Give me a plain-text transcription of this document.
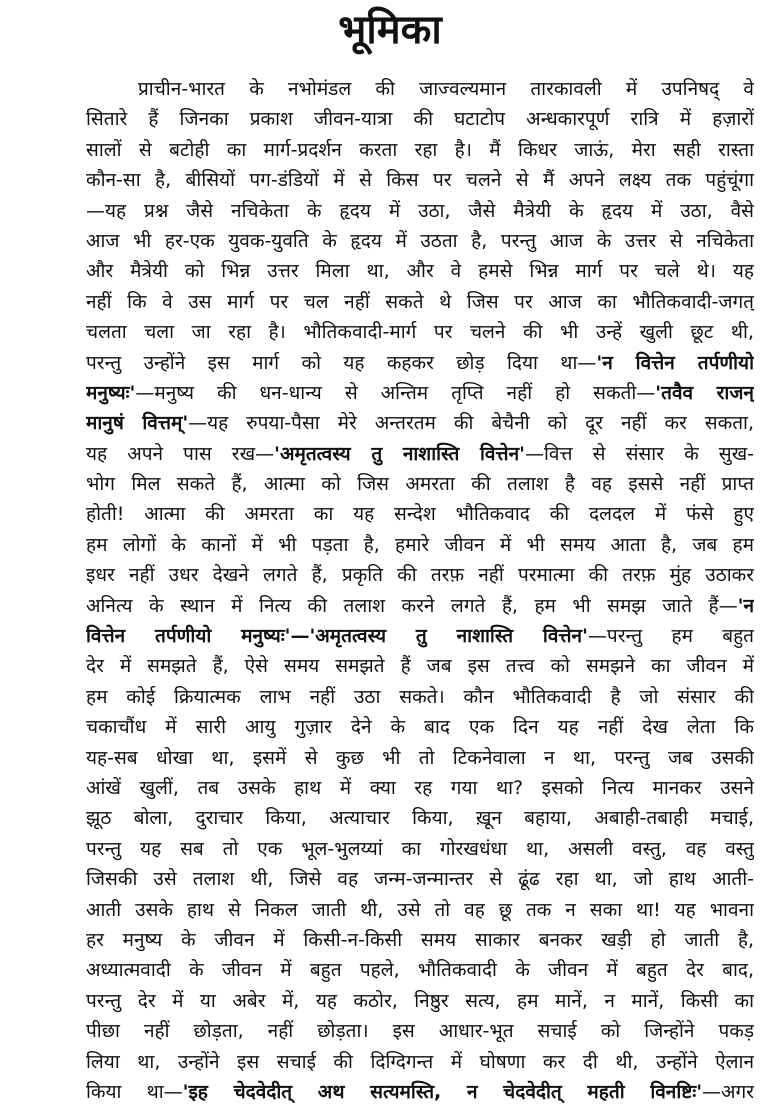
भूमिका
प्राचीन-भारत के नभोमंडल की जाज्वल्यमान तारकावली में उपनिषद् वे
सितारे हैं जिनका प्रकाश जीवन-यात्रा की घटाटोप अन्धकारपूर्ण रात्रि में हज़ारों
सालों से बटोही का मार्ग-प्रदर्शन करता रहा है। मैं किधर जाऊं, मेरा सही रास्ता
कौन-सा है, बीसियों पग-डंडियों में से किस पर चलने से मैं अपने लक्ष्य तक पहुंचूंगा
—यह प्रश्न जैसे नचिकेता के हृदय में उठा, जैसे मैत्रेयी के हृदय में उठा, वैसे
आज भी हर-एक युवक-युवति के हृदय में उठता है, परन्तु आज के उत्तर से नचिकेता
और मैत्रेयी को भिन्न उत्तर मिला था, और वे हमसे भिन्न मार्ग पर चले थे। यह
नहीं कि वे उस मार्ग पर चल नहीं सकते थे जिस पर आज का भौतिकवादी-जगत्
चलता चला जा रहा है। भौतिकवादी-मार्ग पर चलने की भी उन्हें खुली छूट थी,
परन्तु उन्होंने इस मार्ग को यह कहकर छोड़ दिया था—'न वित्तेन तर्पणीयो
मनुष्यः'—मनुष्य की धन-धान्य से अन्तिम तृप्ति नहीं हो सकती—'तवैव राजन्
मानुषं वित्तम्'—यह रुपया-पैसा मेरे अन्तरतम की बेचैनी को दूर नहीं कर सकता,
यह अपने पास रख—'अमृतत्वस्य तु नाशास्ति वित्तेन'—वित्त से संसार के सुख-
भोग मिल सकते हैं, आत्मा को जिस अमरता की तलाश है वह इससे नहीं प्राप्त
होती! आत्मा की अमरता का यह सन्देश भौतिकवाद की दलदल में फंसे हुए
हम लोगों के कानों में भी पड़ता है, हमारे जीवन में भी समय आता है, जब हम
इधर नहीं उधर देखने लगते हैं, प्रकृति की तरफ़ नहीं परमात्मा की तरफ़ मुंह उठाकर
अनित्य के स्थान में नित्य की तलाश करने लगते हैं, हम भी समझ जाते हैं—'न
वित्तेन तर्पणीयो मनुष्यः'—'अमृतत्वस्य तु नाशास्ति वित्तेन'—परन्तु हम बहुत
देर में समझते हैं, ऐसे समय समझते हैं जब इस तत्त्व को समझने का जीवन में
हम कोई क्रियात्मक लाभ नहीं उठा सकते। कौन भौतिकवादी है जो संसार की
चकाचौंध में सारी आयु गुज़ार देने के बाद एक दिन यह नहीं देख लेता कि
यह-सब धोखा था, इसमें से कुछ भी तो टिकनेवाला न था, परन्तु जब उसकी
आंखें खुलीं, तब उसके हाथ में क्या रह गया था? इसको नित्य मानकर उसने
झूठ बोला, दुराचार किया, अत्याचार किया, ख़ून बहाया, अबाही-तबाही मचाई,
परन्तु यह सब तो एक भूल-भुलय्यां का गोरखधंधा था, असली वस्तु, वह वस्तु
जिसकी उसे तलाश थी, जिसे वह जन्म-जन्मान्तर से ढूंढ रहा था, जो हाथ आती-
आती उसके हाथ से निकल जाती थी, उसे तो वह छू तक न सका था! यह भावना
हर मनुष्य के जीवन में किसी-न-किसी समय साकार बनकर खड़ी हो जाती है,
अध्यात्मवादी के जीवन में बहुत पहले, भौतिकवादी के जीवन में बहुत देर बाद,
परन्तु देर में या अबेर में, यह कठोर, निष्ठुर सत्य, हम मानें, न मानें, किसी का
पीछा नहीं छोड़ता, नहीं छोड़ता। इस आधार-भूत सचाई को जिन्होंने पकड़
लिया था, उन्होंने इस सचाई की दिग्दिगन्त में घोषणा कर दी थी, उन्होंने ऐलान
किया था—'इह चेदवेदीत् अथ सत्यमस्ति, न चेदवेदीत् महती विनष्टिः'—अगर
